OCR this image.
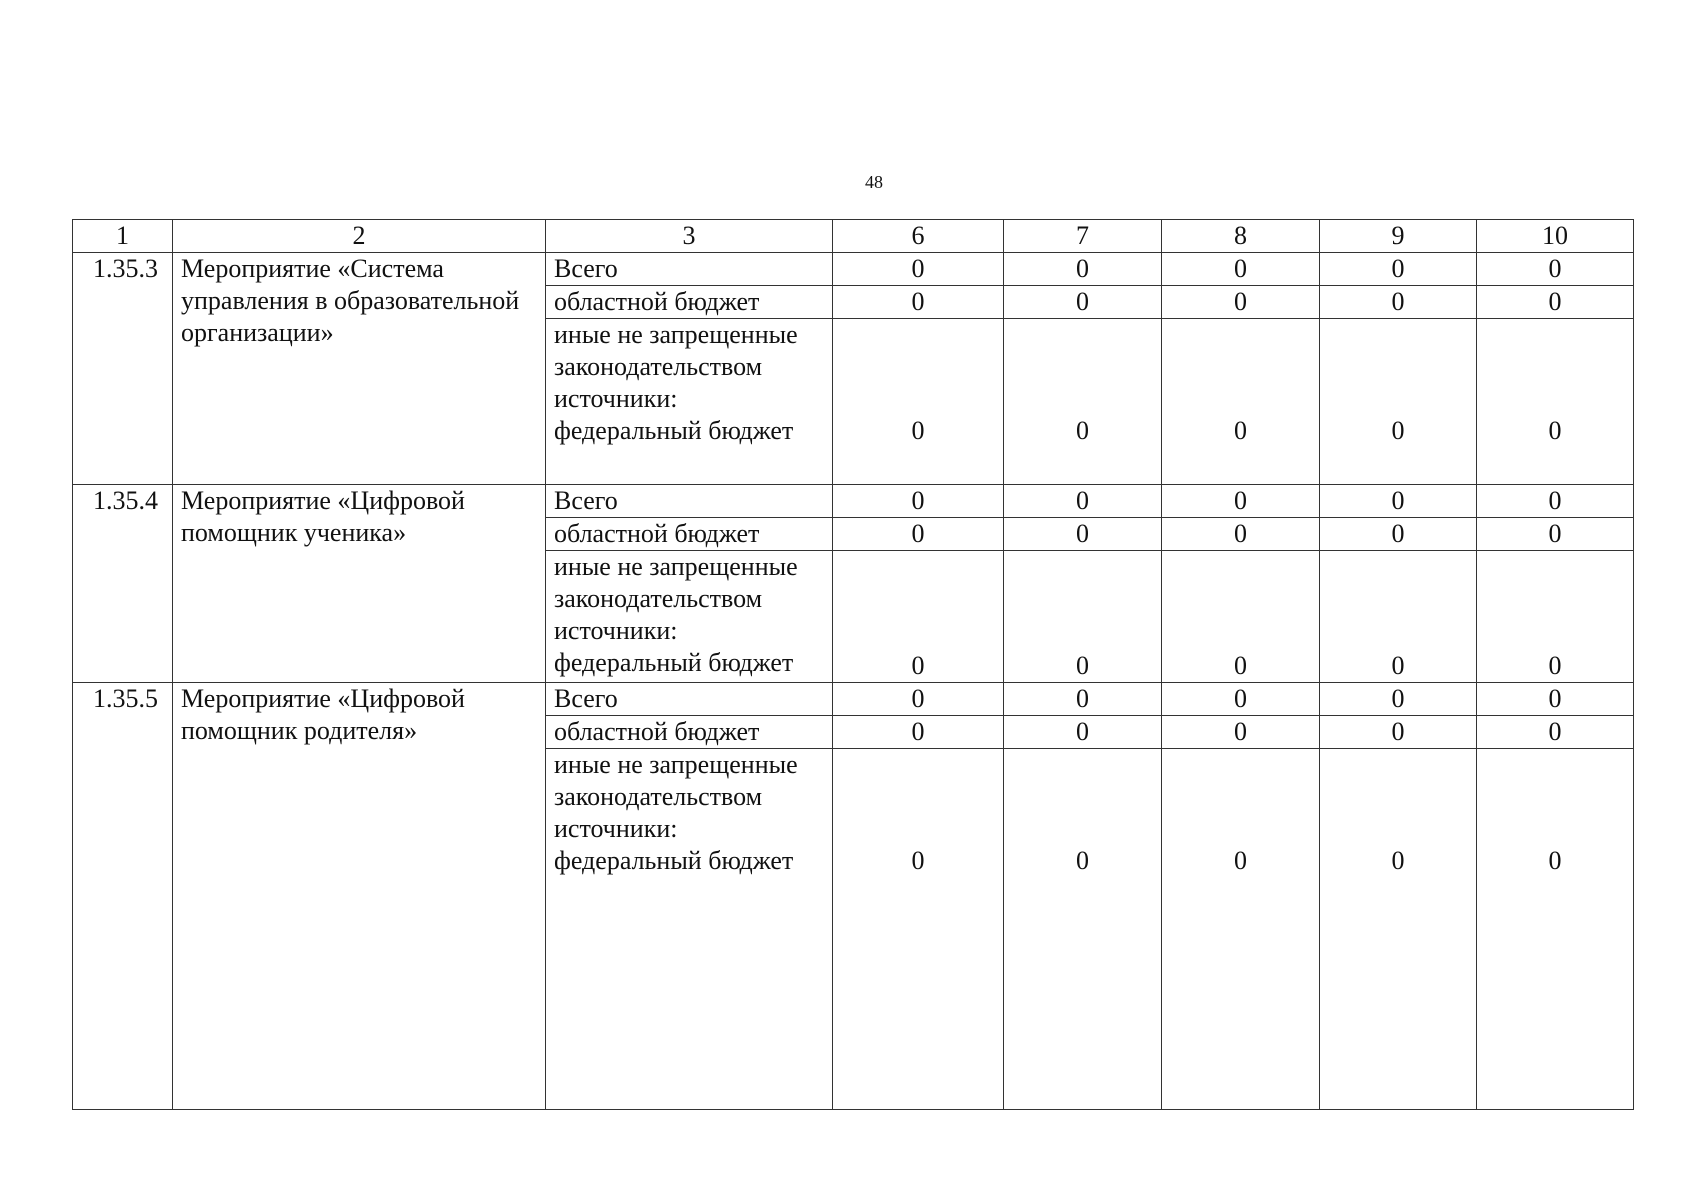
48
1	2	3	6	7	8	9	10
1.35.3	Мероприятие «Система управления в образовательной организации»	Всего	0	0	0	0	0
		областной бюджет	0	0	0	0	0
		иные не запрещенные
законодательством
источники:
федеральный бюджет	0	0	0	0	0
1.35.4	Мероприятие «Цифровой помощник ученика»	Всего	0	0	0	0	0
		областной бюджет	0	0	0	0	0
		иные не запрещенные
законодательством
источники:
федеральный бюджет	0	0	0	0	0
1.35.5	Мероприятие «Цифровой помощник родителя»	Всего	0	0	0	0	0
		областной бюджет	0	0	0	0	0
		иные не запрещенные
законодательством
источники:
федеральный бюджет	0	0	0	0	0
